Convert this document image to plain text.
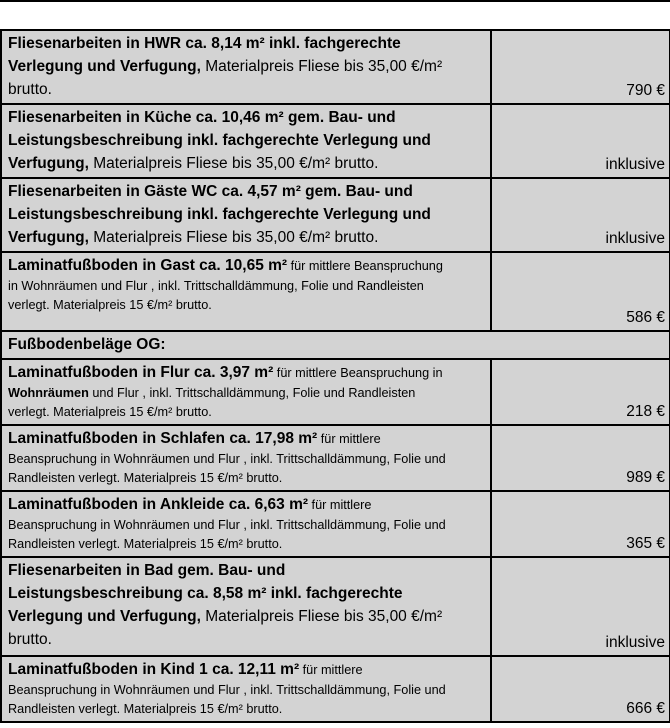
Fliesenarbeiten in HWR ca. 8,14 m² inkl. fachgerechte
Verlegung und Verfugung, Materialpreis Fliese bis 35,00 €/m²
brutto.	790 €
Fliesenarbeiten in Küche ca. 10,46 m² gem. Bau- und
Leistungsbeschreibung inkl. fachgerechte Verlegung und
Verfugung, Materialpreis Fliese bis 35,00 €/m² brutto.	inklusive
Fliesenarbeiten in Gäste WC ca. 4,57 m² gem. Bau- und
Leistungsbeschreibung inkl. fachgerechte Verlegung und
Verfugung, Materialpreis Fliese bis 35,00 €/m² brutto.	inklusive
Laminatfußboden in Gast ca. 10,65 m² für mittlere Beanspruchung
in Wohnräumen und Flur , inkl. Trittschalldämmung, Folie und Randleisten
verlegt. Materialpreis 15 €/m² brutto.	586 €
Fußbodenbeläge OG:	
Laminatfußboden in Flur ca. 3,97 m² für mittlere Beanspruchung in
Wohnräumen und Flur , inkl. Trittschalldämmung, Folie und Randleisten
verlegt. Materialpreis 15 €/m² brutto.	218 €
Laminatfußboden in Schlafen ca. 17,98 m² für mittlere
Beanspruchung in Wohnräumen und Flur , inkl. Trittschalldämmung, Folie und
Randleisten verlegt. Materialpreis 15 €/m² brutto.	989 €
Laminatfußboden in Ankleide ca. 6,63 m² für mittlere
Beanspruchung in Wohnräumen und Flur , inkl. Trittschalldämmung, Folie und
Randleisten verlegt. Materialpreis 15 €/m² brutto.	365 €
Fliesenarbeiten in Bad gem. Bau- und
Leistungsbeschreibung ca. 8,58 m² inkl. fachgerechte
Verlegung und Verfugung, Materialpreis Fliese bis 35,00 €/m²
brutto.	inklusive
Laminatfußboden in Kind 1 ca. 12,11 m² für mittlere
Beanspruchung in Wohnräumen und Flur , inkl. Trittschalldämmung, Folie und
Randleisten verlegt. Materialpreis 15 €/m² brutto.	666 €
